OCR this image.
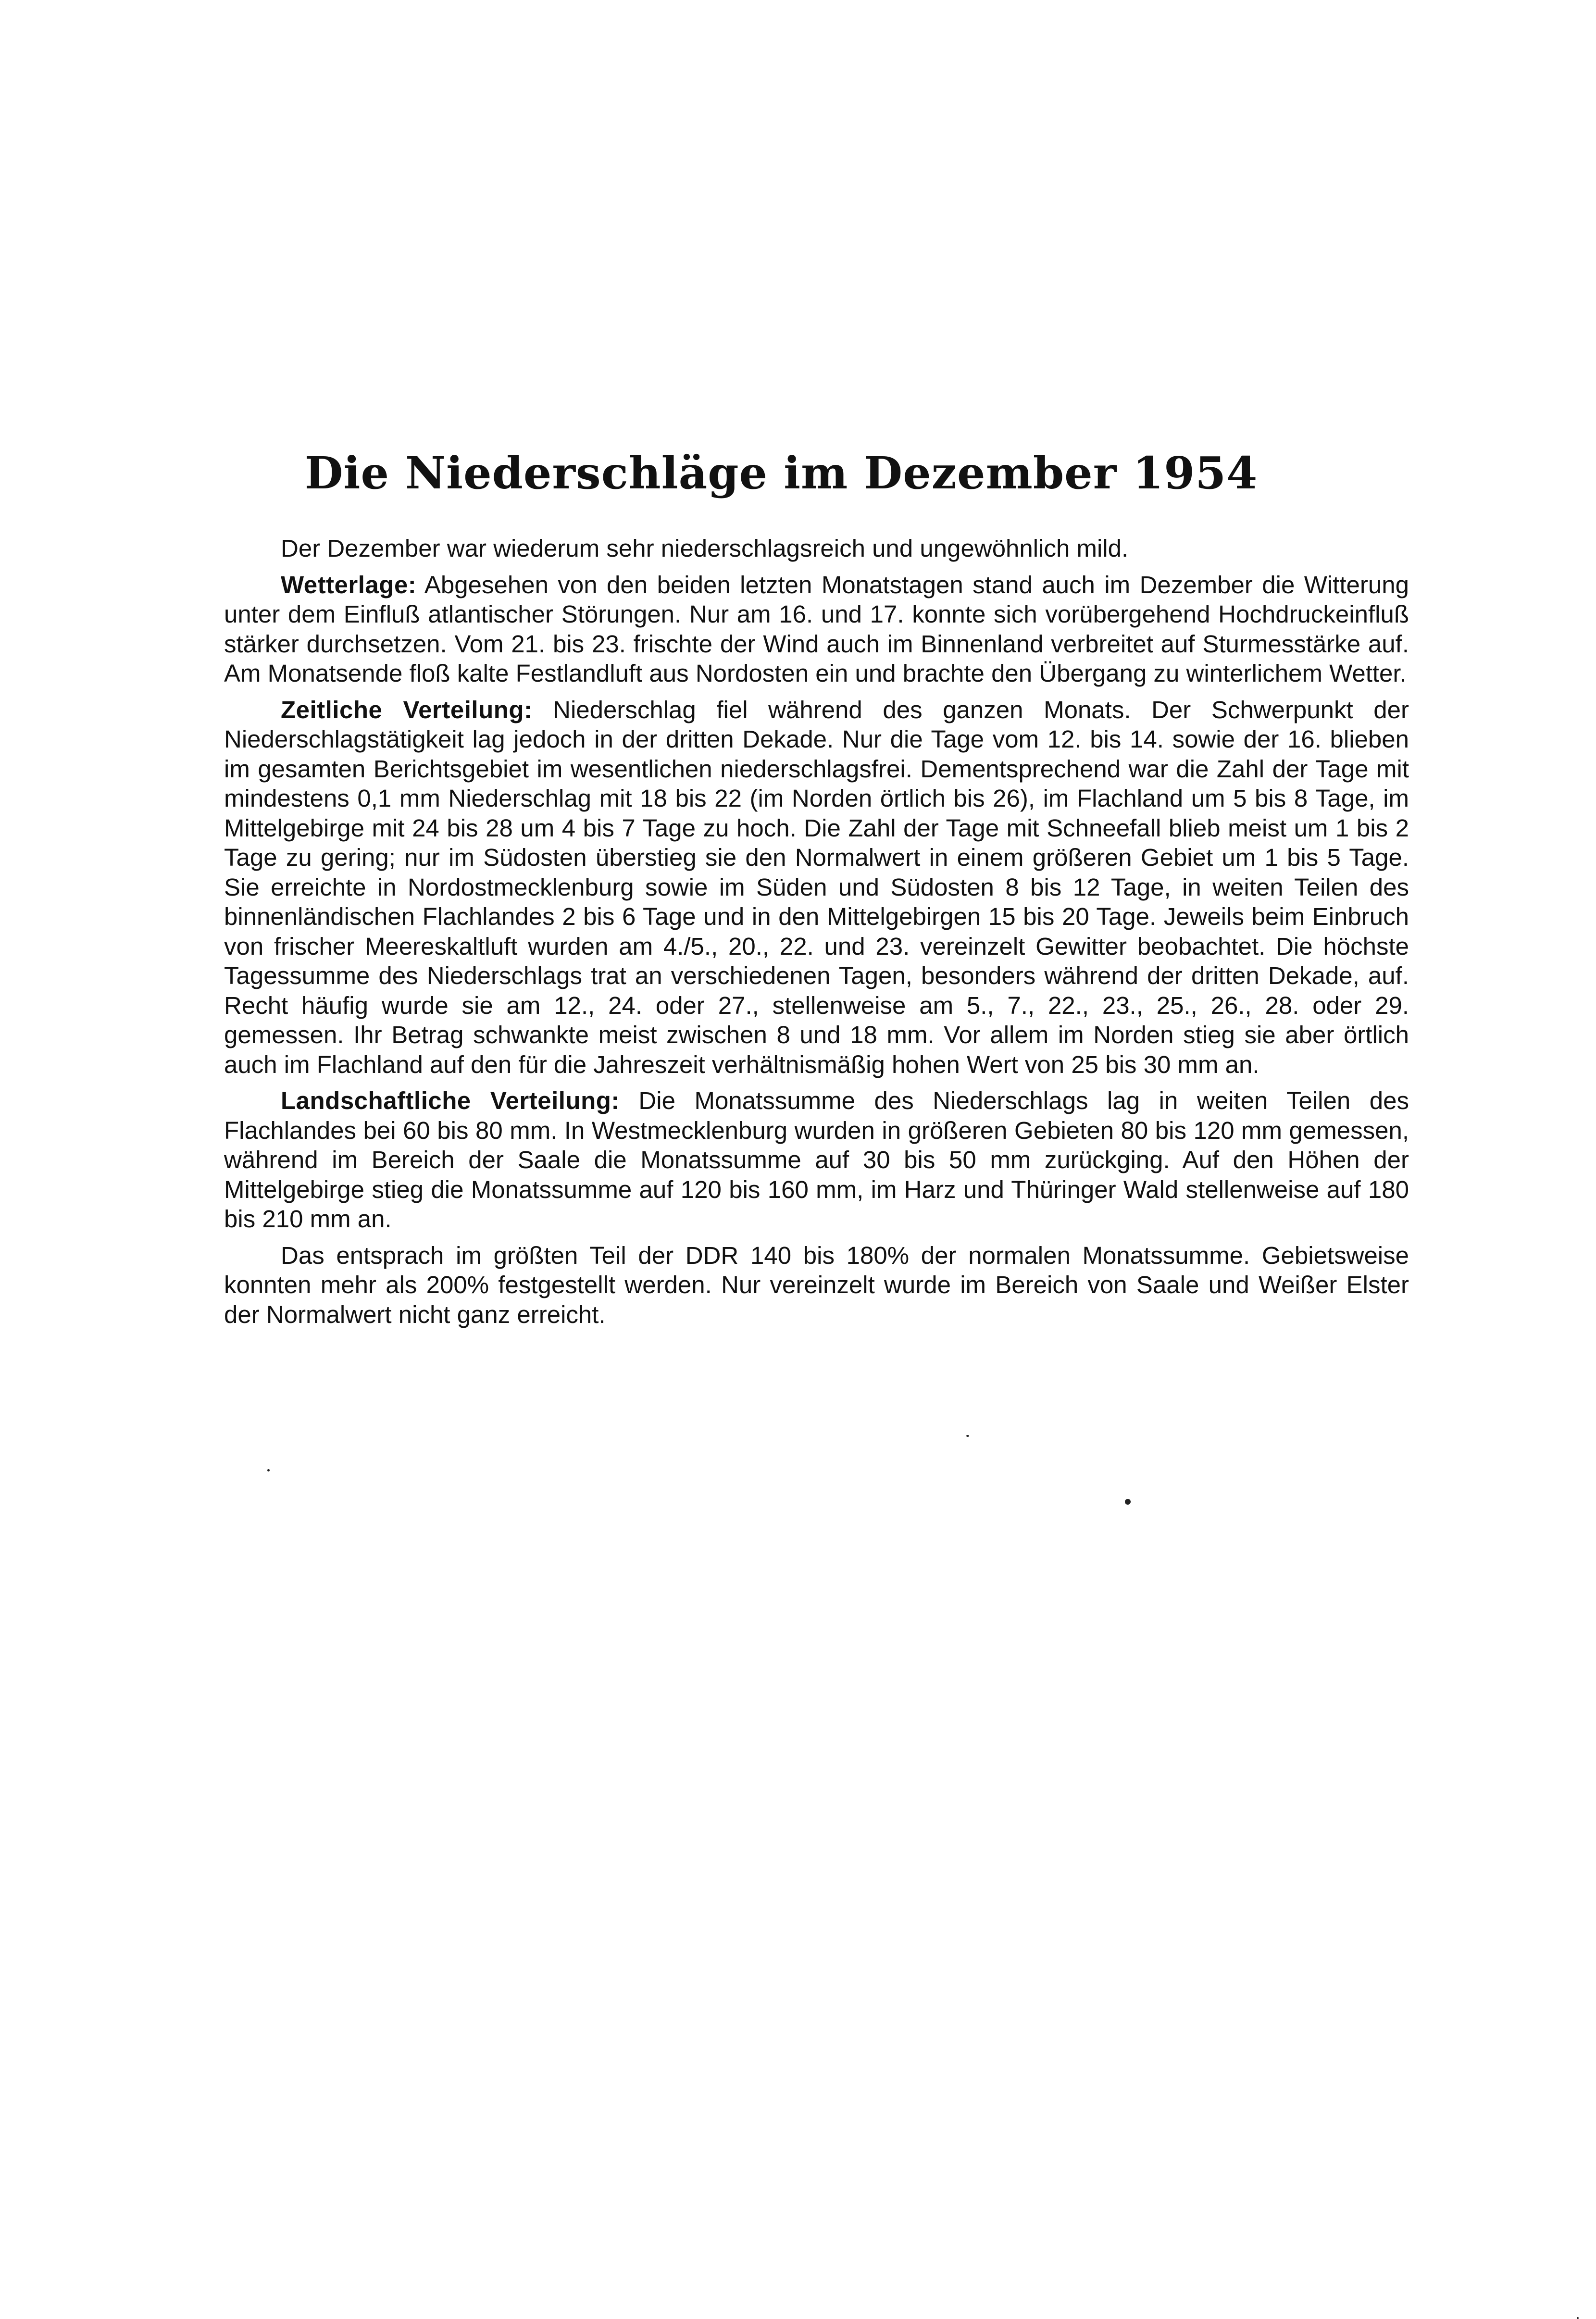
Die Niederschläge im Dezember 1954

Der Dezember war wiederum sehr niederschlagsreich und ungewöhnlich mild.

Wetterlage: Abgesehen von den beiden letzten Monatstagen stand auch im Dezember die Witterung unter dem Einfluß atlantischer Störungen. Nur am 16. und 17. konnte sich vorübergehend Hochdruckeinfluß stärker durchsetzen. Vom 21. bis 23. frischte der Wind auch im Binnenland verbreitet auf Sturmesstärke auf. Am Monatsende floß kalte Festlandluft aus Nordosten ein und brachte den Übergang zu winterlichem Wetter.

Zeitliche Verteilung: Niederschlag fiel während des ganzen Monats. Der Schwerpunkt der Niederschlagstätigkeit lag jedoch in der dritten Dekade. Nur die Tage vom 12. bis 14. sowie der 16. blieben im gesamten Berichtsgebiet im wesentlichen niederschlagsfrei. Dementsprechend war die Zahl der Tage mit mindestens 0,1 mm Niederschlag mit 18 bis 22 (im Norden örtlich bis 26), im Flachland um 5 bis 8 Tage, im Mittelgebirge mit 24 bis 28 um 4 bis 7 Tage zu hoch. Die Zahl der Tage mit Schneefall blieb meist um 1 bis 2 Tage zu gering; nur im Südosten überstieg sie den Normalwert in einem größeren Gebiet um 1 bis 5 Tage. Sie erreichte in Nordostmecklenburg sowie im Süden und Südosten 8 bis 12 Tage, in weiten Teilen des binnenländischen Flachlandes 2 bis 6 Tage und in den Mittelgebirgen 15 bis 20 Tage. Jeweils beim Einbruch von frischer Meereskaltluft wurden am 4./5., 20., 22. und 23. vereinzelt Gewitter beobachtet. Die höchste Tagessumme des Niederschlags trat an verschiedenen Tagen, besonders während der dritten Dekade, auf. Recht häufig wurde sie am 12., 24. oder 27., stellenweise am 5., 7., 22., 23., 25., 26., 28. oder 29. gemessen. Ihr Betrag schwankte meist zwischen 8 und 18 mm. Vor allem im Norden stieg sie aber örtlich auch im Flachland auf den für die Jahreszeit verhältnismäßig hohen Wert von 25 bis 30 mm an.

Landschaftliche Verteilung: Die Monatssumme des Niederschlags lag in weiten Teilen des Flachlandes bei 60 bis 80 mm. In Westmecklenburg wurden in größeren Gebieten 80 bis 120 mm gemessen, während im Bereich der Saale die Monatssumme auf 30 bis 50 mm zurückging. Auf den Höhen der Mittelgebirge stieg die Monatssumme auf 120 bis 160 mm, im Harz und Thüringer Wald stellenweise auf 180 bis 210 mm an.

Das entsprach im größten Teil der DDR 140 bis 180% der normalen Monatssumme. Gebietsweise konnten mehr als 200% festgestellt werden. Nur vereinzelt wurde im Bereich von Saale und Weißer Elster der Normalwert nicht ganz erreicht.
